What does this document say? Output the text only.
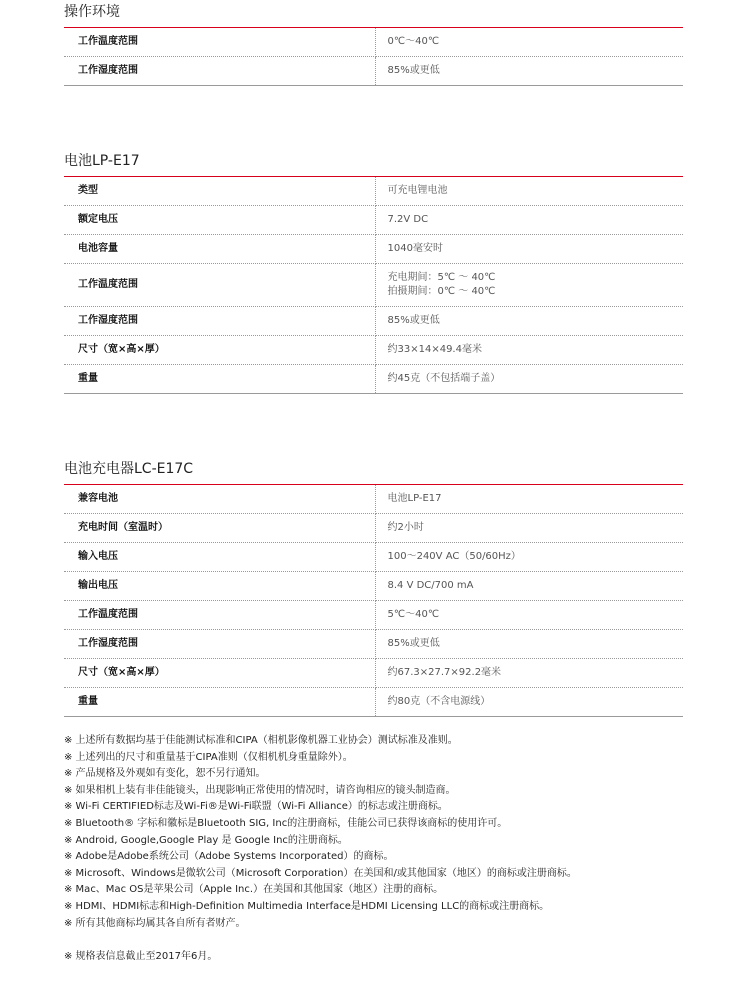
操作环境
工作温度范围	0℃～40℃

工作湿度范围	85%或更低
电池LP-E17
类型	可充电锂电池

额定电压	7.2V DC

电池容量	1040毫安时

工作温度范围	充电期间：5℃ ～ 40℃
拍摄期间：0℃ ～ 40℃

工作湿度范围	85%或更低

尺寸（宽×高×厚）	约33×14×49.4毫米

重量	约45克（不包括端子盖）
电池充电器LC-E17C
兼容电池	电池LP-E17

充电时间（室温时）	约2小时

输入电压	100～240V AC（50/60Hz）

输出电压	8.4 V DC/700 mA

工作温度范围	5℃～40℃

工作湿度范围	85%或更低

尺寸（宽×高×厚）	约67.3×27.7×92.2毫米

重量	约80克（不含电源线）
※ 上述所有数据均基于佳能测试标准和CIPA（相机影像机器工业协会）测试标准及准则。
※ 上述列出的尺寸和重量基于CIPA准则（仅相机机身重量除外）。
※ 产品规格及外观如有变化，恕不另行通知。
※ 如果相机上装有非佳能镜头，出现影响正常使用的情况时，请咨询相应的镜头制造商。
※ Wi-Fi CERTIFIED标志及Wi-Fi®是Wi-Fi联盟（Wi-Fi Alliance）的标志或注册商标。
※ Bluetooth® 字标和徽标是Bluetooth SIG, Inc的注册商标，佳能公司已获得该商标的使用许可。
※ Android, Google,Google Play 是 Google Inc的注册商标。
※ Adobe是Adobe系统公司（Adobe Systems Incorporated）的商标。
※ Microsoft、Windows是微软公司（Microsoft Corporation）在美国和/或其他国家（地区）的商标或注册商标。
※ Mac、Mac OS是苹果公司（Apple Inc.）在美国和其他国家（地区）注册的商标。
※ HDMI、HDMI标志和High-Definition Multimedia Interface是HDMI Licensing LLC的商标或注册商标。
※ 所有其他商标均属其各自所有者财产。
※ 规格表信息截止至2017年6月。
